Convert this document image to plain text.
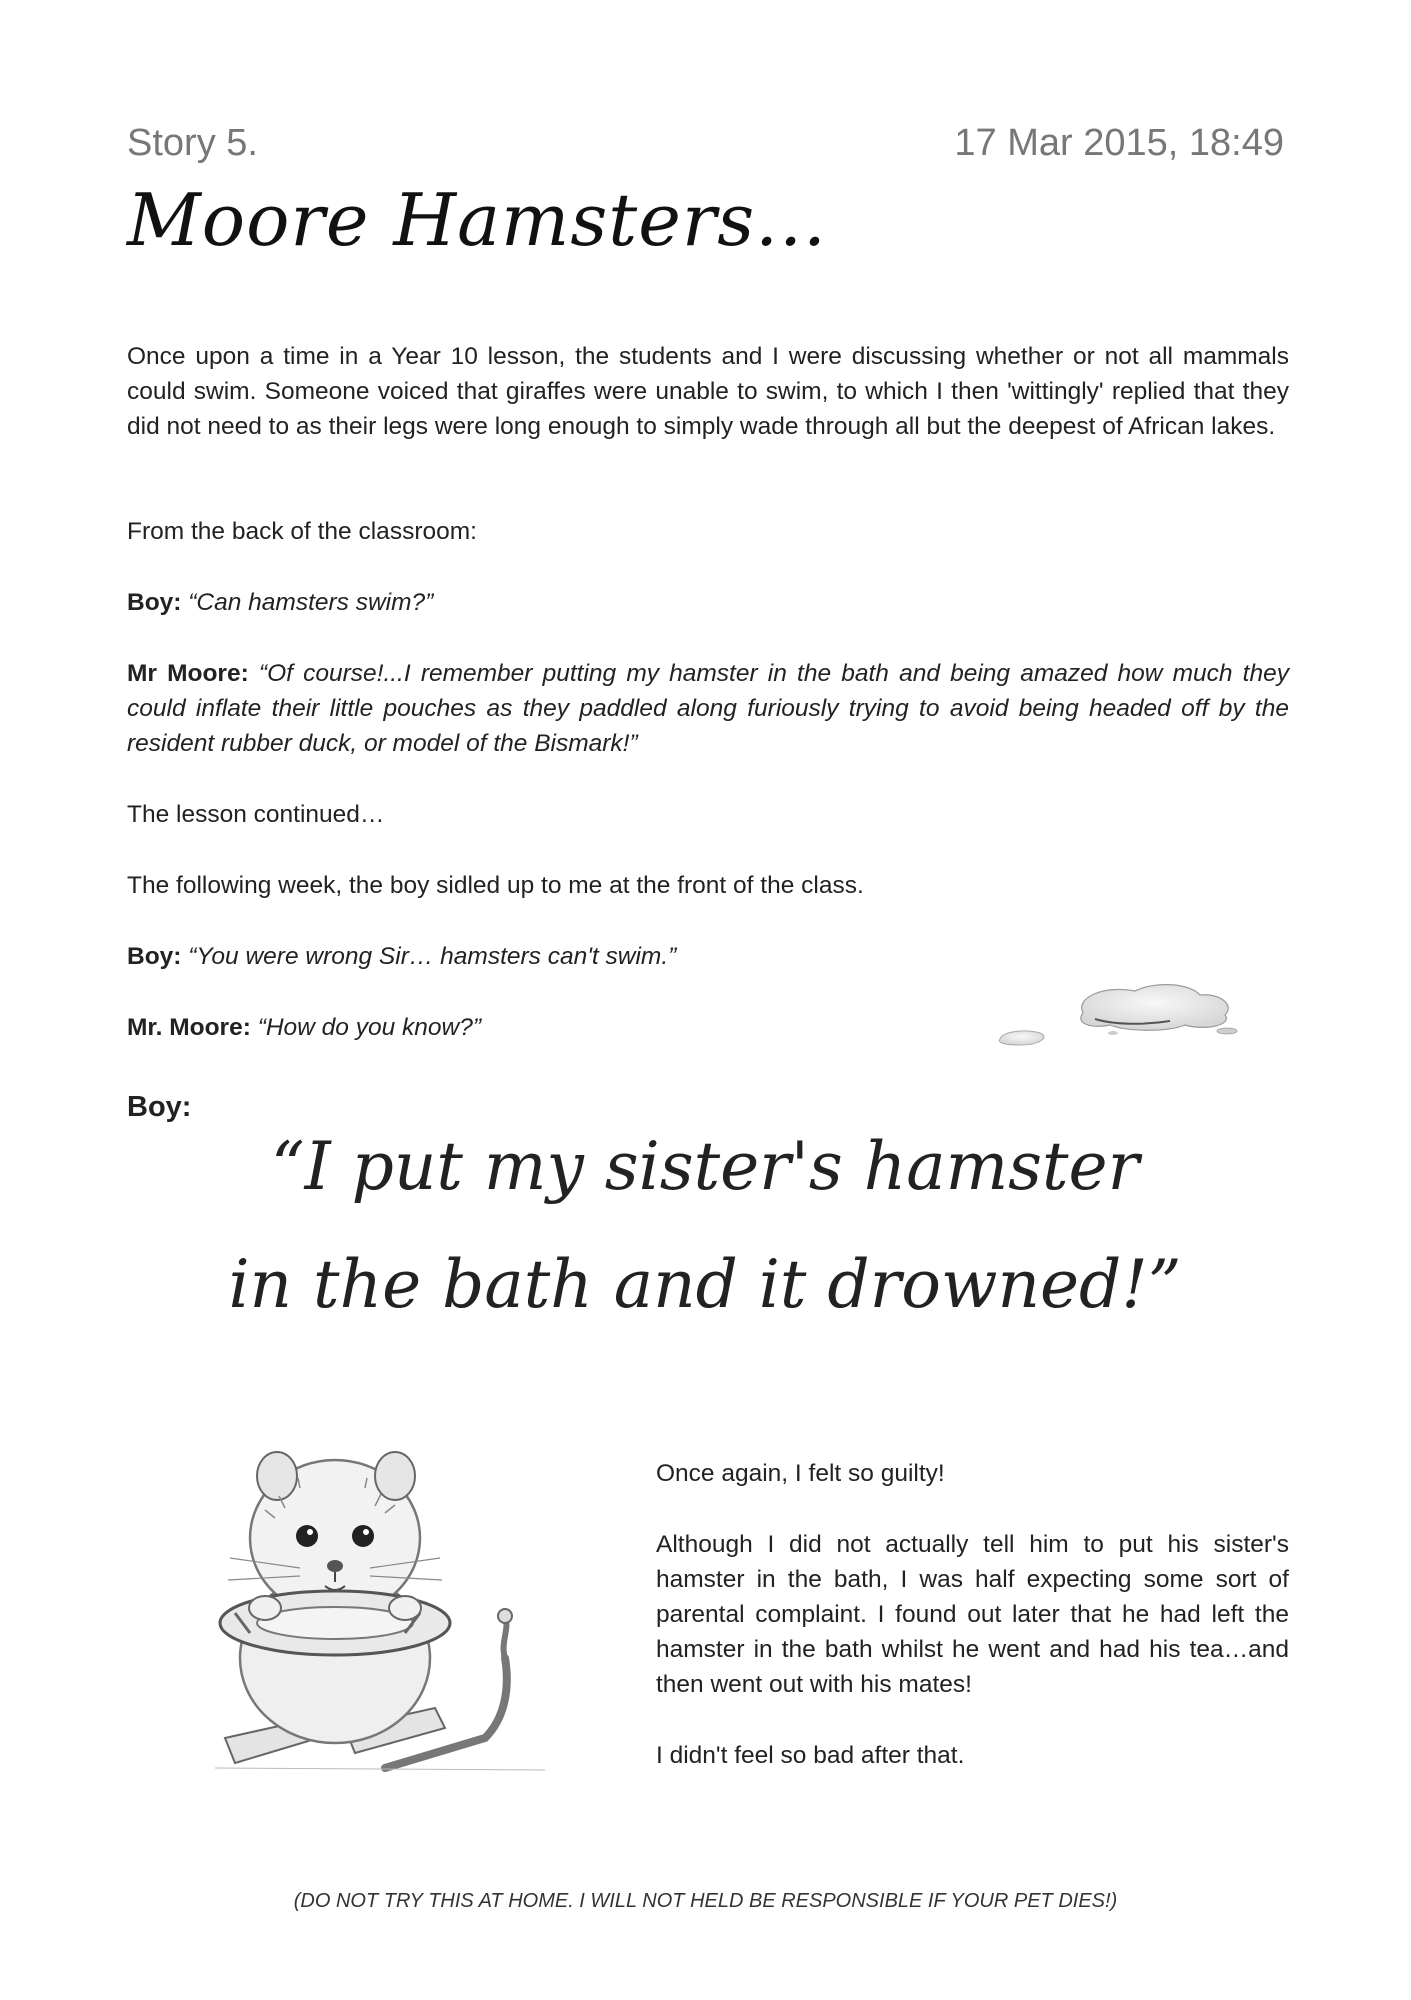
Story 5.	17 Mar 2015, 18:49
Moore Hamsters...
Once upon a time in a Year 10 lesson, the students and I were discussing whether or not all mammals could swim. Someone voiced that giraffes were unable to swim, to which I then 'wittingly' replied that they did not need to as their legs were long enough to simply wade through all but the deepest of African lakes.
From the back of the classroom:
Boy: “Can hamsters swim?”
Mr Moore: “Of course!...I remember putting my hamster in the bath and being amazed how much they could inflate their little pouches as they paddled along furiously trying to avoid being headed off by the resident rubber duck, or model of the Bismark!”
The lesson continued…
The following week, the boy sidled up to me at the front of the class.
Boy: “You were wrong Sir… hamsters can't swim.”
Mr. Moore: “How do you know?”
Boy:
“I put my sister's hamster
in the bath and it drowned!”
Once again, I felt so guilty!
Although I did not actually tell him to put his sister's hamster in the bath, I was half expecting some sort of parental complaint. I found out later that he had left the hamster in the bath whilst he went and had his tea…and then went out with his mates!
I didn't feel so bad after that.
(DO NOT TRY THIS AT HOME. I WILL NOT HELD BE RESPONSIBLE IF YOUR PET DIES!)
